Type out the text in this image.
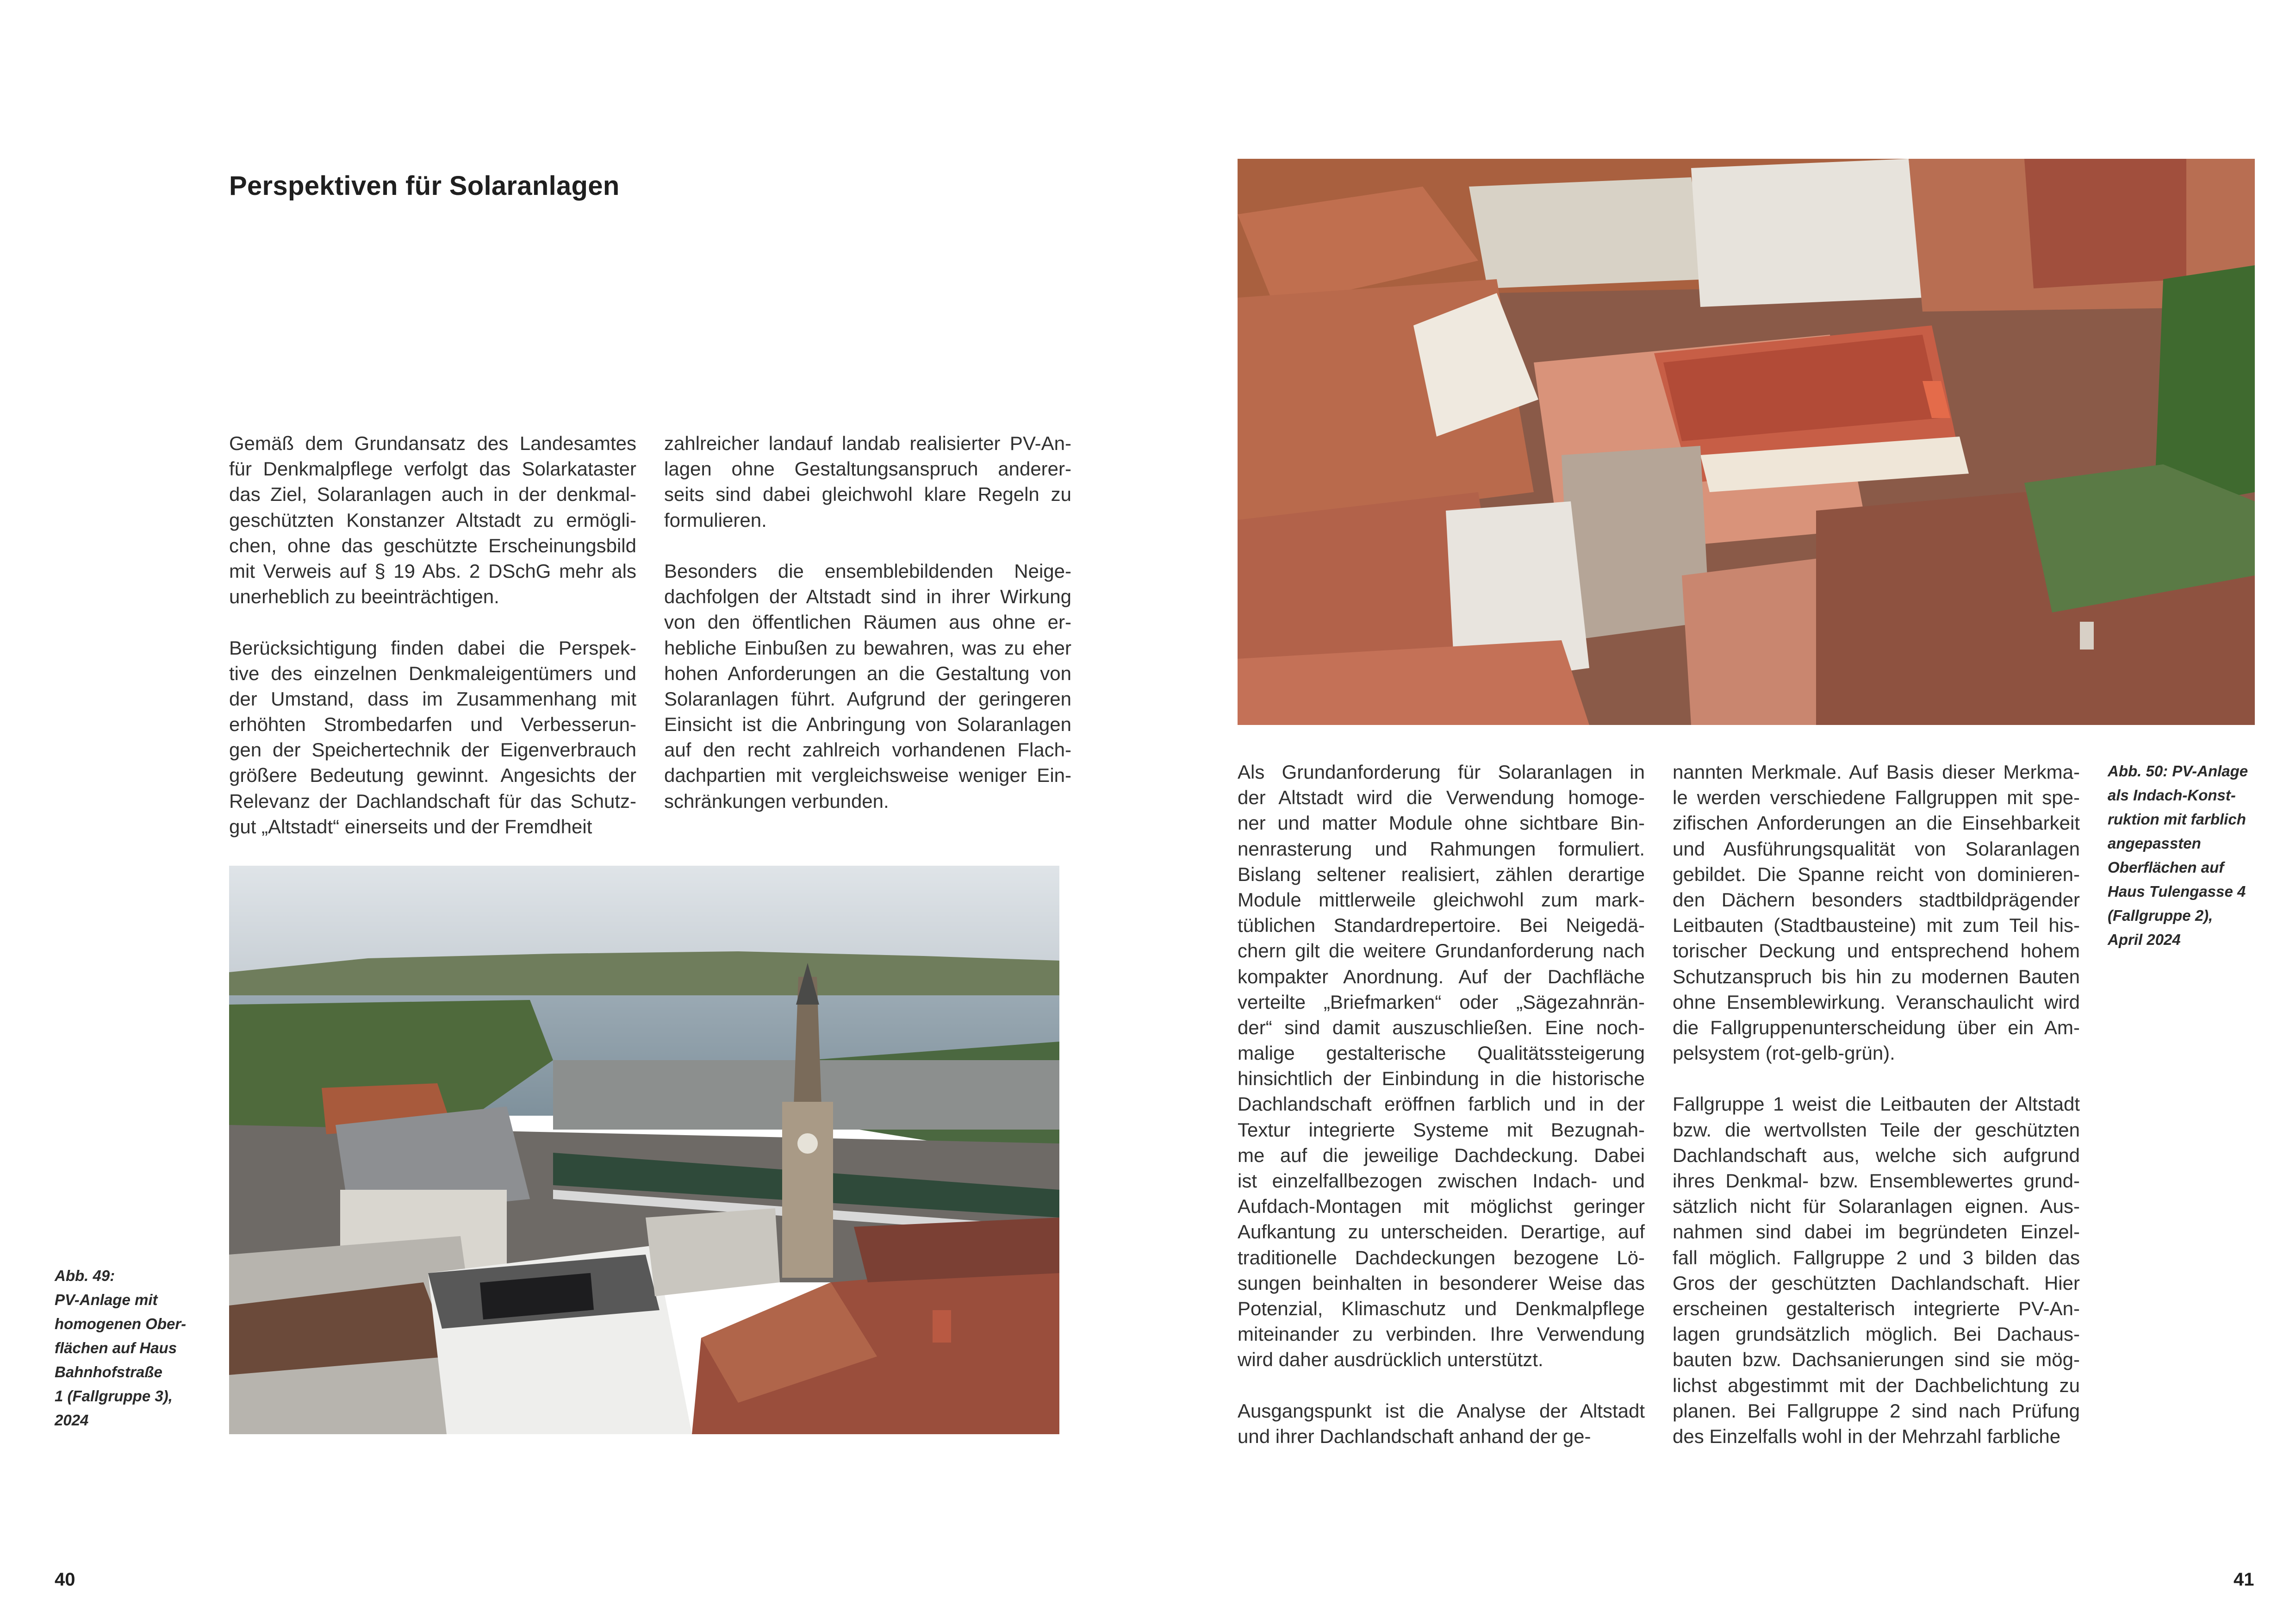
Perspektiven für Solaranlagen

Gemäß dem Grundansatz des Landesamtes
für Denkmalpflege verfolgt das Solarkataster
das Ziel, Solaranlagen auch in der denkmal-
geschützten Konstanzer Altstadt zu ermögli-
chen, ohne das geschützte Erscheinungsbild
mit Verweis auf § 19 Abs. 2 DSchG mehr als
unerheblich zu beeinträchtigen.

Berücksichtigung finden dabei die Perspek-
tive des einzelnen Denkmaleigentümers und
der Umstand, dass im Zusammenhang mit
erhöhten Strombedarfen und Verbesserun-
gen der Speichertechnik der Eigenverbrauch
größere Bedeutung gewinnt. Angesichts der
Relevanz der Dachlandschaft für das Schutz-
gut „Altstadt“ einerseits und der Fremdheit

zahlreicher landauf landab realisierter PV-An-
lagen ohne Gestaltungsanspruch anderer-
seits sind dabei gleichwohl klare Regeln zu
formulieren.

Besonders die ensemblebildenden Neige-
dachfolgen der Altstadt sind in ihrer Wirkung
von den öffentlichen Räumen aus ohne er-
hebliche Einbußen zu bewahren, was zu eher
hohen Anforderungen an die Gestaltung von
Solaranlagen führt. Aufgrund der geringeren
Einsicht ist die Anbringung von Solaranlagen
auf den recht zahlreich vorhandenen Flach-
dachpartien mit vergleichsweise weniger Ein-
schränkungen verbunden.

Abb. 49:
PV-Anlage mit
homogenen Ober-
flächen auf Haus
Bahnhofstraße
1 (Fallgruppe 3),
2024

40

Als Grundanforderung für Solaranlagen in
der Altstadt wird die Verwendung homoge-
ner und matter Module ohne sichtbare Bin-
nenrasterung und Rahmungen formuliert.
Bislang seltener realisiert, zählen derartige
Module mittlerweile gleichwohl zum mark-
tüblichen Standardrepertoire. Bei Neigedä-
chern gilt die weitere Grundanforderung nach
kompakter Anordnung. Auf der Dachfläche
verteilte „Briefmarken“ oder „Sägezahnrän-
der“ sind damit auszuschließen. Eine noch-
malige gestalterische Qualitätssteigerung
hinsichtlich der Einbindung in die historische
Dachlandschaft eröffnen farblich und in der
Textur integrierte Systeme mit Bezugnah-
me auf die jeweilige Dachdeckung. Dabei
ist einzelfallbezogen zwischen Indach- und
Aufdach-Montagen mit möglichst geringer
Aufkantung zu unterscheiden. Derartige, auf
traditionelle Dachdeckungen bezogene Lö-
sungen beinhalten in besonderer Weise das
Potenzial, Klimaschutz und Denkmalpflege
miteinander zu verbinden. Ihre Verwendung
wird daher ausdrücklich unterstützt.

Ausgangspunkt ist die Analyse der Altstadt
und ihrer Dachlandschaft anhand der ge-

nannten Merkmale. Auf Basis dieser Merkma-
le werden verschiedene Fallgruppen mit spe-
zifischen Anforderungen an die Einsehbarkeit
und Ausführungsqualität von Solaranlagen
gebildet. Die Spanne reicht von dominieren-
den Dächern besonders stadtbildprägender
Leitbauten (Stadtbausteine) mit zum Teil his-
torischer Deckung und entsprechend hohem
Schutzanspruch bis hin zu modernen Bauten
ohne Ensemblewirkung. Veranschaulicht wird
die Fallgruppenunterscheidung über ein Am-
pelsystem (rot-gelb-grün).

Fallgruppe 1 weist die Leitbauten der Altstadt
bzw. die wertvollsten Teile der geschützten
Dachlandschaft aus, welche sich aufgrund
ihres Denkmal- bzw. Ensemblewertes grund-
sätzlich nicht für Solaranlagen eignen. Aus-
nahmen sind dabei im begründeten Einzel-
fall möglich. Fallgruppe 2 und 3 bilden das
Gros der geschützten Dachlandschaft. Hier
erscheinen gestalterisch integrierte PV-An-
lagen grundsätzlich möglich. Bei Dachaus-
bauten bzw. Dachsanierungen sind sie mög-
lichst abgestimmt mit der Dachbelichtung zu
planen. Bei Fallgruppe 2 sind nach Prüfung
des Einzelfalls wohl in der Mehrzahl farbliche

Abb. 50: PV-Anlage
als Indach-Konst-
ruktion mit farblich
angepassten
Oberflächen auf
Haus Tulengasse 4
(Fallgruppe 2),
April 2024

41
